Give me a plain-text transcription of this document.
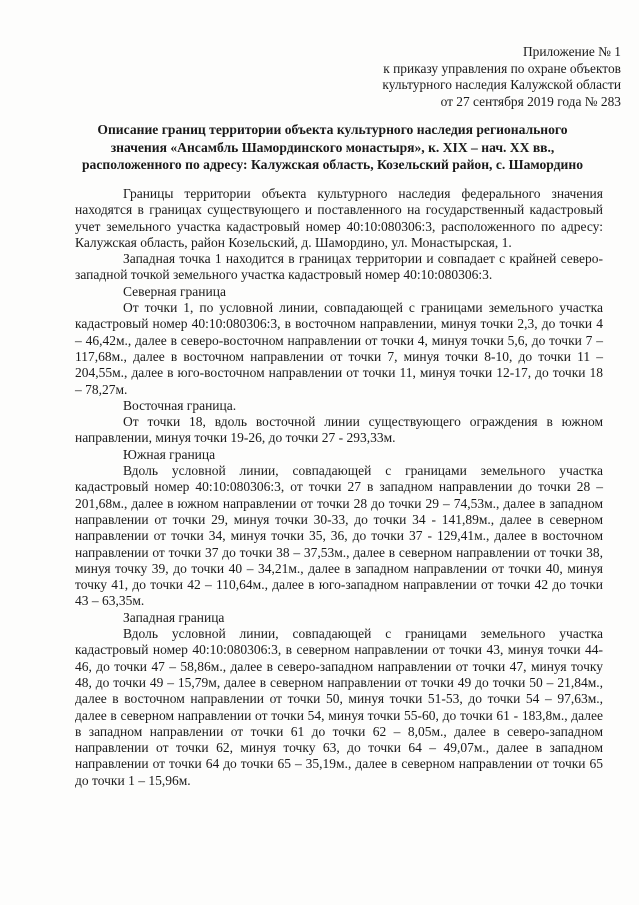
Приложение № 1
к приказу управления по охране объектов
культурного наследия Калужской области
от 27 сентября 2019 года № 283
Описание границ территории объекта культурного наследия регионального
значения «Ансамбль Шамординского монастыря», к. XIX – нач. XX вв.,
расположенного по адресу: Калужская область, Козельский район, с. Шамордино

Границы территории объекта культурного наследия федерального значения находятся в границах существующего и поставленного на государственный кадастровый учет земельного участка кадастровый номер 40:10:080306:3, расположенного по адресу: Калужская область, район Козельский, д. Шамордино, ул. Монастырская, 1.

Западная точка 1 находится в границах территории и совпадает с крайней северо-западной точкой земельного участка кадастровый номер 40:10:080306:3.

Северная граница

От точки 1, по условной линии, совпадающей с границами земельного участка кадастровый номер 40:10:080306:3, в восточном направлении, минуя точки 2,3, до точки 4 – 46,42м., далее в северо-восточном направлении от точки 4, минуя точки 5,6, до точки 7 – 117,68м., далее в восточном направлении от точки 7, минуя точки 8-10, до точки 11 – 204,55м., далее в юго-восточном направлении от точки 11, минуя точки 12-17, до точки 18 – 78,27м.

Восточная граница.

От точки 18, вдоль восточной линии существующего ограждения в южном направлении, минуя точки 19-26, до точки 27 - 293,33м.

Южная граница

Вдоль условной линии, совпадающей с границами земельного участка кадастровый номер 40:10:080306:3, от точки 27 в западном направлении до точки 28 – 201,68м., далее в южном направлении от точки 28 до точки 29 – 74,53м., далее в западном направлении от точки 29, минуя точки 30-33, до точки 34 - 141,89м., далее в северном направлении от точки 34, минуя точки 35, 36, до точки 37 - 129,41м., далее в восточном направлении от точки 37 до точки 38 – 37,53м., далее в северном направлении от точки 38, минуя точку 39, до точки 40 – 34,21м., далее в западном направлении от точки 40, минуя точку 41, до точки 42 – 110,64м., далее в юго-западном направлении от точки 42 до точки 43 – 63,35м.

Западная граница

Вдоль условной линии, совпадающей с границами земельного участка кадастровый номер 40:10:080306:3, в северном направлении от точки 43, минуя точки 44-46, до точки 47 – 58,86м., далее в северо-западном направлении от точки 47, минуя точку 48, до точки 49 – 15,79м, далее в северном направлении от точки 49 до точки 50 – 21,84м., далее в восточном направлении от точки 50, минуя точки 51-53, до точки 54 – 97,63м., далее в северном направлении от точки 54, минуя точки 55-60, до точки 61 - 183,8м., далее в западном направлении от точки 61 до точки 62 – 8,05м., далее в северо-западном направлении от точки 62, минуя точку 63, до точки 64 – 49,07м., далее в западном направлении от точки 64 до точки 65 – 35,19м., далее в северном направлении от точки 65 до точки 1 – 15,96м.
